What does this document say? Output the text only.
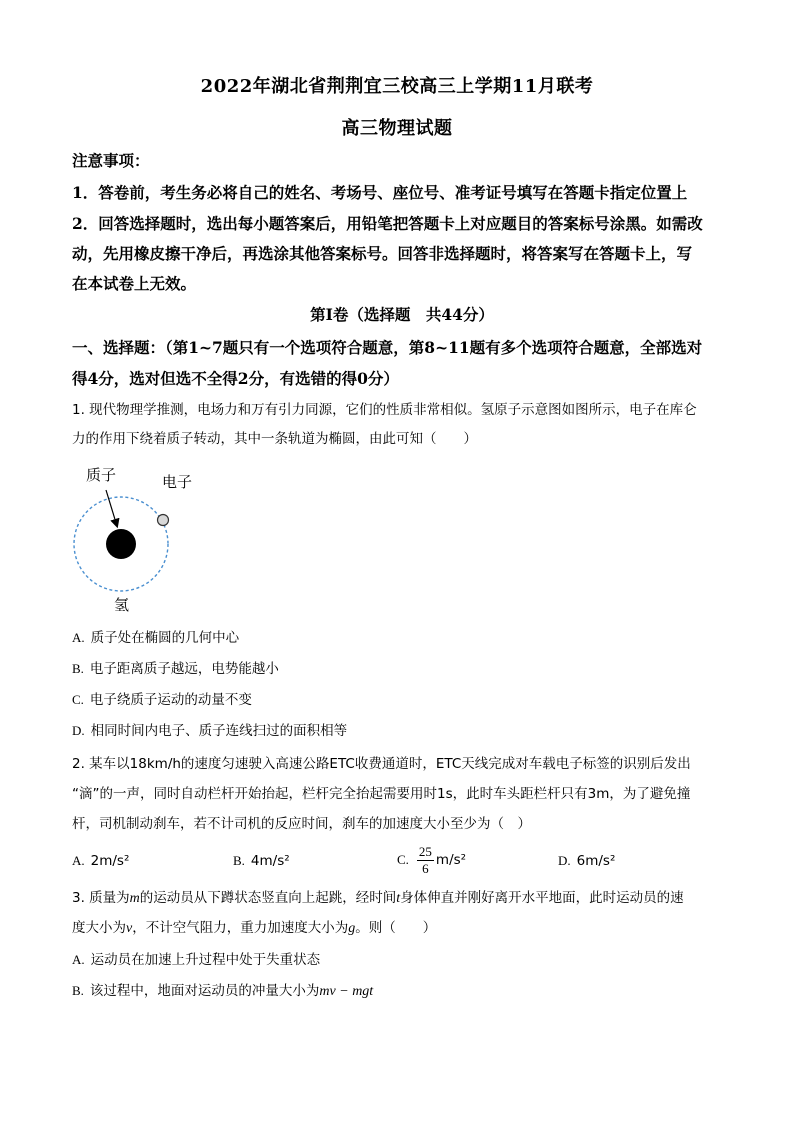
2022年湖北省荆荆宜三校高三上学期11月联考
高三物理试题
注意事项：
1．答卷前，考生务必将自己的姓名、考场号、座位号、准考证号填写在答题卡指定位置上
2．回答选择题时，选出每小题答案后，用铅笔把答题卡上对应题目的答案标号涂黑。如需改
动，先用橡皮擦干净后，再选涂其他答案标号。回答非选择题时，将答案写在答题卡上，写
在本试卷上无效。
第Ⅰ卷（选择题　共44分）
一、选择题：（第1~7题只有一个选项符合题意，第8~11题有多个选项符合题意，全部选对
得4分，选对但选不全得2分，有选错的得0分）
1. 现代物理学推测，电场力和万有引力同源，它们的性质非常相似。氢原子示意图如图所示，电子在库仑
力的作用下绕着质子转动，其中一条轨道为椭圆，由此可知（　　）
质子	电子
氢
A. 质子处在椭圆的几何中心
B. 电子距离质子越远，电势能越小
C. 电子绕质子运动的动量不变
D. 相同时间内电子、质子连线扫过的面积相等
2. 某车以18km/h的速度匀速驶入高速公路ETC收费通道时，ETC天线完成对车载电子标签的识别后发出
“滴”的一声，同时自动栏杆开始抬起，栏杆完全抬起需要用时1s，此时车头距栏杆只有3m，为了避免撞
杆，司机制动刹车，若不计司机的反应时间，刹车的加速度大小至少为（　）
A. 2m/s²	B. 4m/s²	C. $\frac{25}{6} m/s^2$	D. 6m/s²
3. 质量为m的运动员从下蹲状态竖直向上起跳，经时间t身体伸直并刚好离开水平地面，此时运动员的速
度大小为v，不计空气阻力，重力加速度大小为g。则（　　）
A. 运动员在加速上升过程中处于失重状态
B. 该过程中，地面对运动员的冲量大小为mv − mgt
